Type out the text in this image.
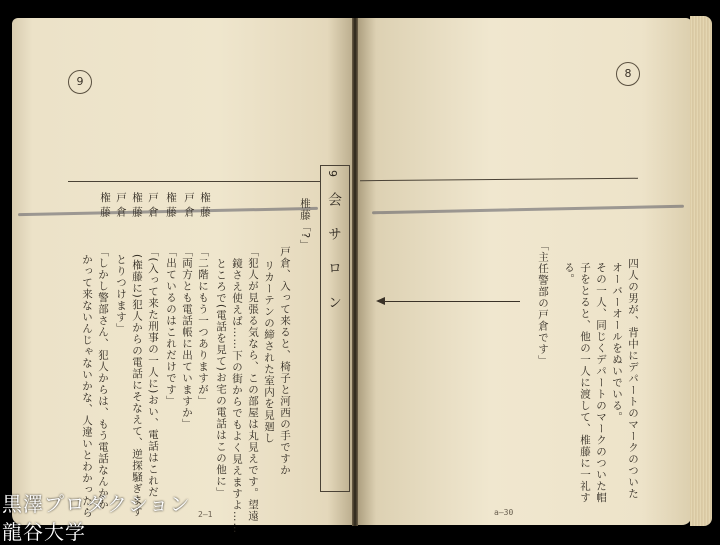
9
9
会 サ ロ ン
椎藤「?」
戸倉、入って来ると、椅子と河西の手ですか
リカーテンの締された室内を見廻し
「犯人が見張る気なら、この部屋は丸見えです。望遠
鏡さえ使えば……下の街からでもよく見えますよ……
ところで(電話を見て)お宅の電話はこの他に」
「二階にもう一つありますが」
「両方とも電話帳に出ていますか」
「出ているのはこれだけです」
「(入って来た刑事の一人に)おい、電話はこれだ
(権藤に)犯人からの電話にそなえて、逆探騒ぎます
とりつけます」
「しかし警部さん、犯人からは、もう電話なんかか
かって来ないんじゃないかな、人違いとわかったら
権藤
戸倉
権藤
戸倉
権藤
戸倉
権藤
2―1
8
四人の男が、背中にデパートのマークのついた
オーバーオールをぬいでいる。
その一人、同じくデパートのマークのついた帽
子をとると、他の一人に渡して、椎藤に一礼す
る。
「主任警部の戸倉です」
a―30
黒澤プロダクション
龍谷大学
